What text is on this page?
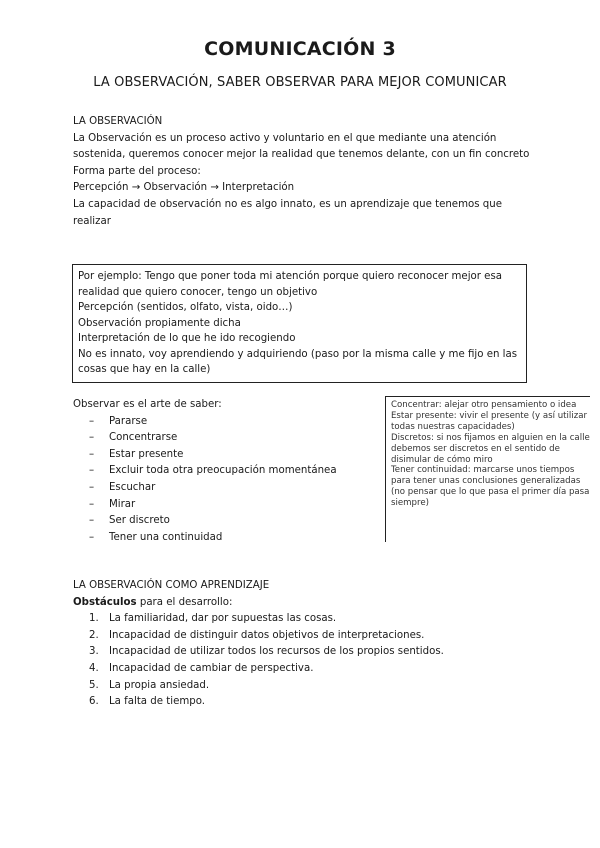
COMUNICACIÓN 3
LA OBSERVACIÓN, SABER OBSERVAR PARA MEJOR COMUNICAR

LA OBSERVACIÓN

La Observación es un proceso activo y voluntario en el que mediante una atención sostenida, queremos conocer mejor la realidad que tenemos delante, con un fin concreto

Forma parte del proceso:

Percepción → Observación → Interpretación

La capacidad de observación no es algo innato, es un aprendizaje que tenemos que realizar

Por ejemplo: Tengo que poner toda mi atención porque quiero reconocer mejor esa realidad que quiero conocer, tengo un objetivo

Percepción (sentidos, olfato, vista, oido…)

Observación propiamente dicha

Interpretación de lo que he ido recogiendo

No es innato, voy aprendiendo y adquiriendo (paso por la misma calle y me fijo en las cosas que hay en la calle)

Observar es el arte de saber:

– Pararse
– Concentrarse
– Estar presente
– Excluir toda otra preocupación momentánea
– Escuchar
– Mirar
– Ser discreto
– Tener una continuidad

Concentrar: alejar otro pensamiento o idea

Estar presente: vivir el presente (y así utilizar todas nuestras capacidades)

Discretos: si nos fijamos en alguien en la calle debemos ser discretos en el sentido de disimular de cómo miro

Tener continuidad: marcarse unos tiempos para tener unas conclusiones generalizadas (no pensar que lo que pasa el primer día pasa siempre)

LA OBSERVACIÓN COMO APRENDIZAJE

Obstáculos para el desarrollo:

1. La familiaridad, dar por supuestas las cosas.
2. Incapacidad de distinguir datos objetivos de interpretaciones.
3. Incapacidad de utilizar todos los recursos de los propios sentidos.
4. Incapacidad de cambiar de perspectiva.
5. La propia ansiedad.
6. La falta de tiempo.
